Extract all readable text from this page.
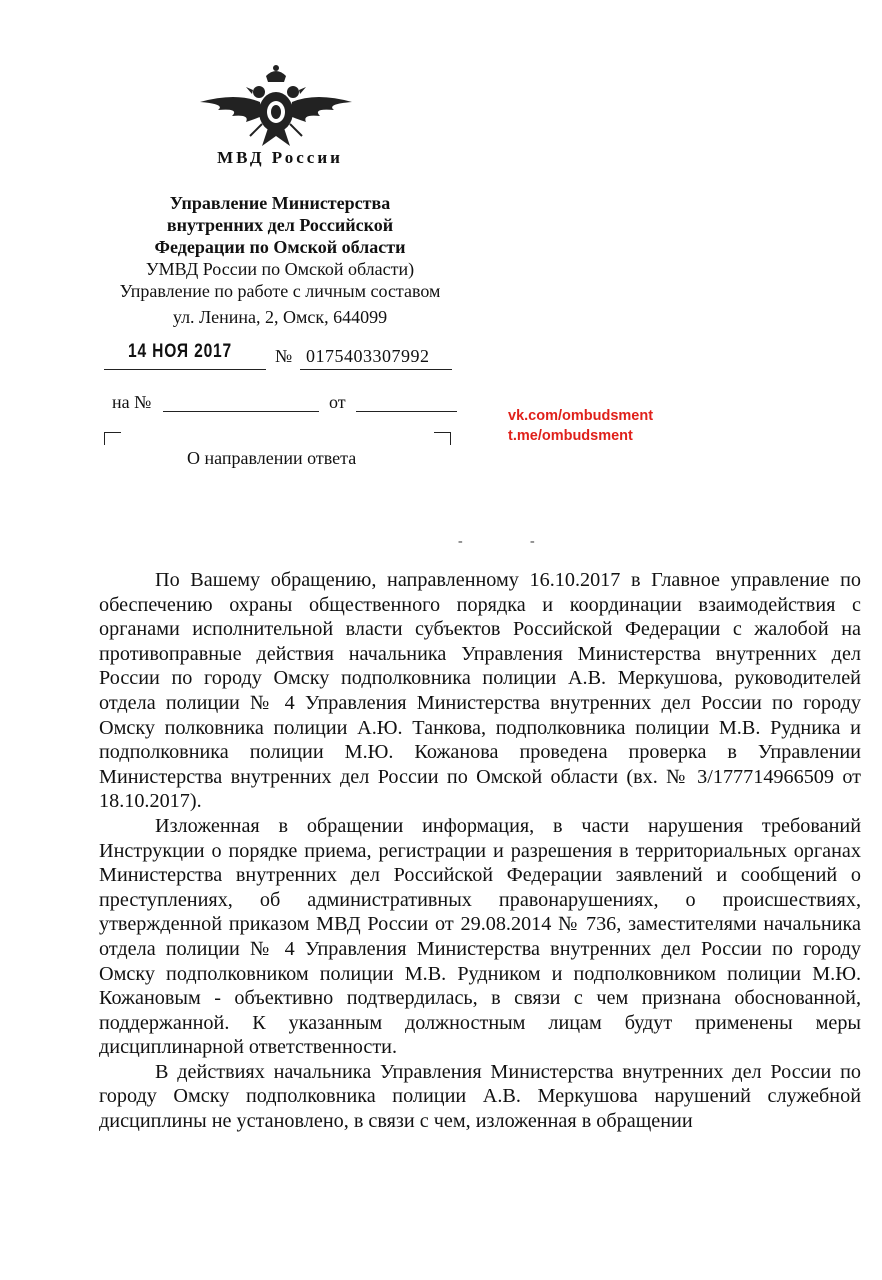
МВД России
Управление Министерства
внутренних дел Российской
Федерации по Омской области
УМВД России по Омской области)
Управление по работе с личным составом
ул. Ленина, 2, Омск, 644099
14 НОЯ 2017 № 0175403307992
на №	от
О направлении ответа
vk.com/ombudsment
t.me/ombudsment
-	-

По Вашему обращению, направленному 16.10.2017 в Главное управление по обеспечению охраны общественного порядка и координации взаимодействия с органами исполнительной власти субъектов Российской Федерации с жалобой на противоправные действия начальника Управления Министерства внутренних дел России по городу Омску подполковника полиции А.В. Меркушова, руководителей отдела полиции № 4 Управления Министерства внутренних дел России по городу Омску полковника полиции А.Ю. Танкова, подполковника полиции М.В. Рудника и подполковника полиции М.Ю. Кожанова проведена проверка в Управлении Министерства внутренних дел России по Омской области (вх. № 3/177714966509 от 18.10.2017).

Изложенная в обращении информация, в части нарушения требований Инструкции о порядке приема, регистрации и разрешения в территориальных органах Министерства внутренних дел Российской Федерации заявлений и сообщений о преступлениях, об административных правонарушениях, о происшествиях, утвержденной приказом МВД России от 29.08.2014 № 736, заместителями начальника отдела полиции № 4 Управления Министерства внутренних дел России по городу Омску подполковником полиции М.В. Рудником и подполковником полиции М.Ю. Кожановым - объективно подтвердилась, в связи с чем признана обоснованной, поддержанной. К указанным должностным лицам будут применены меры дисциплинарной ответственности.

В действиях начальника Управления Министерства внутренних дел России по городу Омску подполковника полиции А.В. Меркушова нарушений служебной дисциплины не установлено, в связи с чем, изложенная в обращении
